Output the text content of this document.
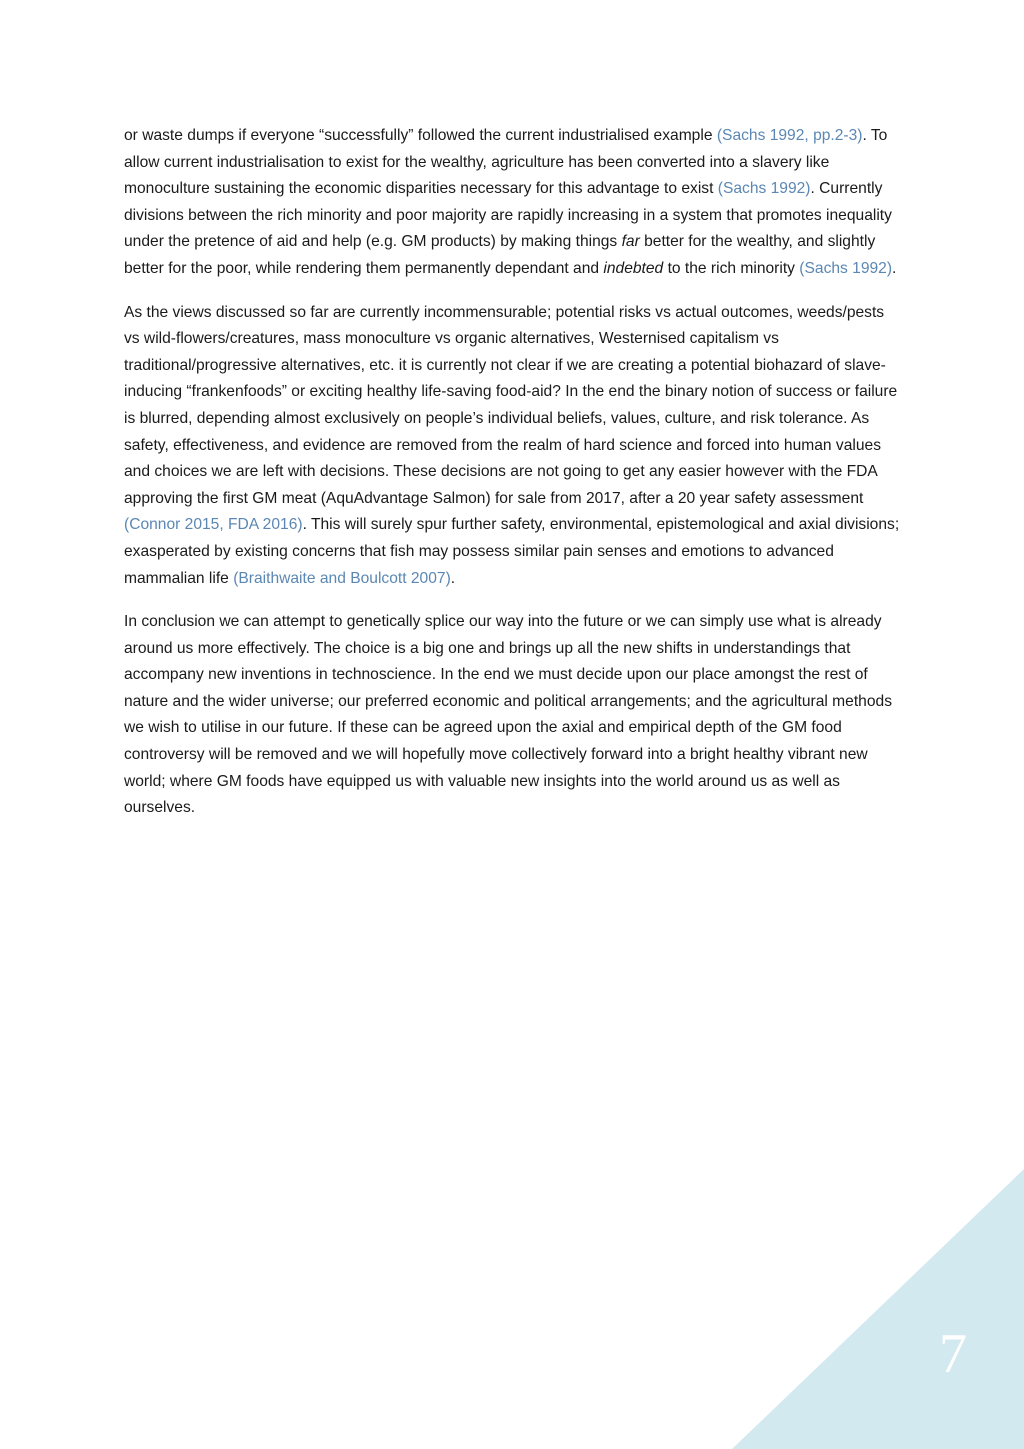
or waste dumps if everyone “successfully” followed the current industrialised example (Sachs 1992, pp.2-3). To allow current industrialisation to exist for the wealthy, agriculture has been converted into a slavery like monoculture sustaining the economic disparities necessary for this advantage to exist (Sachs 1992). Currently divisions between the rich minority and poor majority are rapidly increasing in a system that promotes inequality under the pretence of aid and help (e.g. GM products) by making things far better for the wealthy, and slightly better for the poor, while rendering them permanently dependant and indebted to the rich minority (Sachs 1992).

As the views discussed so far are currently incommensurable; potential risks vs actual outcomes, weeds/pests vs wild-flowers/creatures, mass monoculture vs organic alternatives, Westernised capitalism vs traditional/progressive alternatives, etc. it is currently not clear if we are creating a potential biohazard of slave-inducing “frankenfoods” or exciting healthy life-saving food-aid? In the end the binary notion of success or failure is blurred, depending almost exclusively on people’s individual beliefs, values, culture, and risk tolerance. As safety, effectiveness, and evidence are removed from the realm of hard science and forced into human values and choices we are left with decisions. These decisions are not going to get any easier however with the FDA approving the first GM meat (AquAdvantage Salmon) for sale from 2017, after a 20 year safety assessment (Connor 2015, FDA 2016). This will surely spur further safety, environmental, epistemological and axial divisions; exasperated by existing concerns that fish may possess similar pain senses and emotions to advanced mammalian life (Braithwaite and Boulcott 2007).

In conclusion we can attempt to genetically splice our way into the future or we can simply use what is already around us more effectively. The choice is a big one and brings up all the new shifts in understandings that accompany new inventions in technoscience. In the end we must decide upon our place amongst the rest of nature and the wider universe; our preferred economic and political arrangements; and the agricultural methods we wish to utilise in our future. If these can be agreed upon the axial and empirical depth of the GM food controversy will be removed and we will hopefully move collectively forward into a bright healthy vibrant new world; where GM foods have equipped us with valuable new insights into the world around us as well as ourselves.

7
